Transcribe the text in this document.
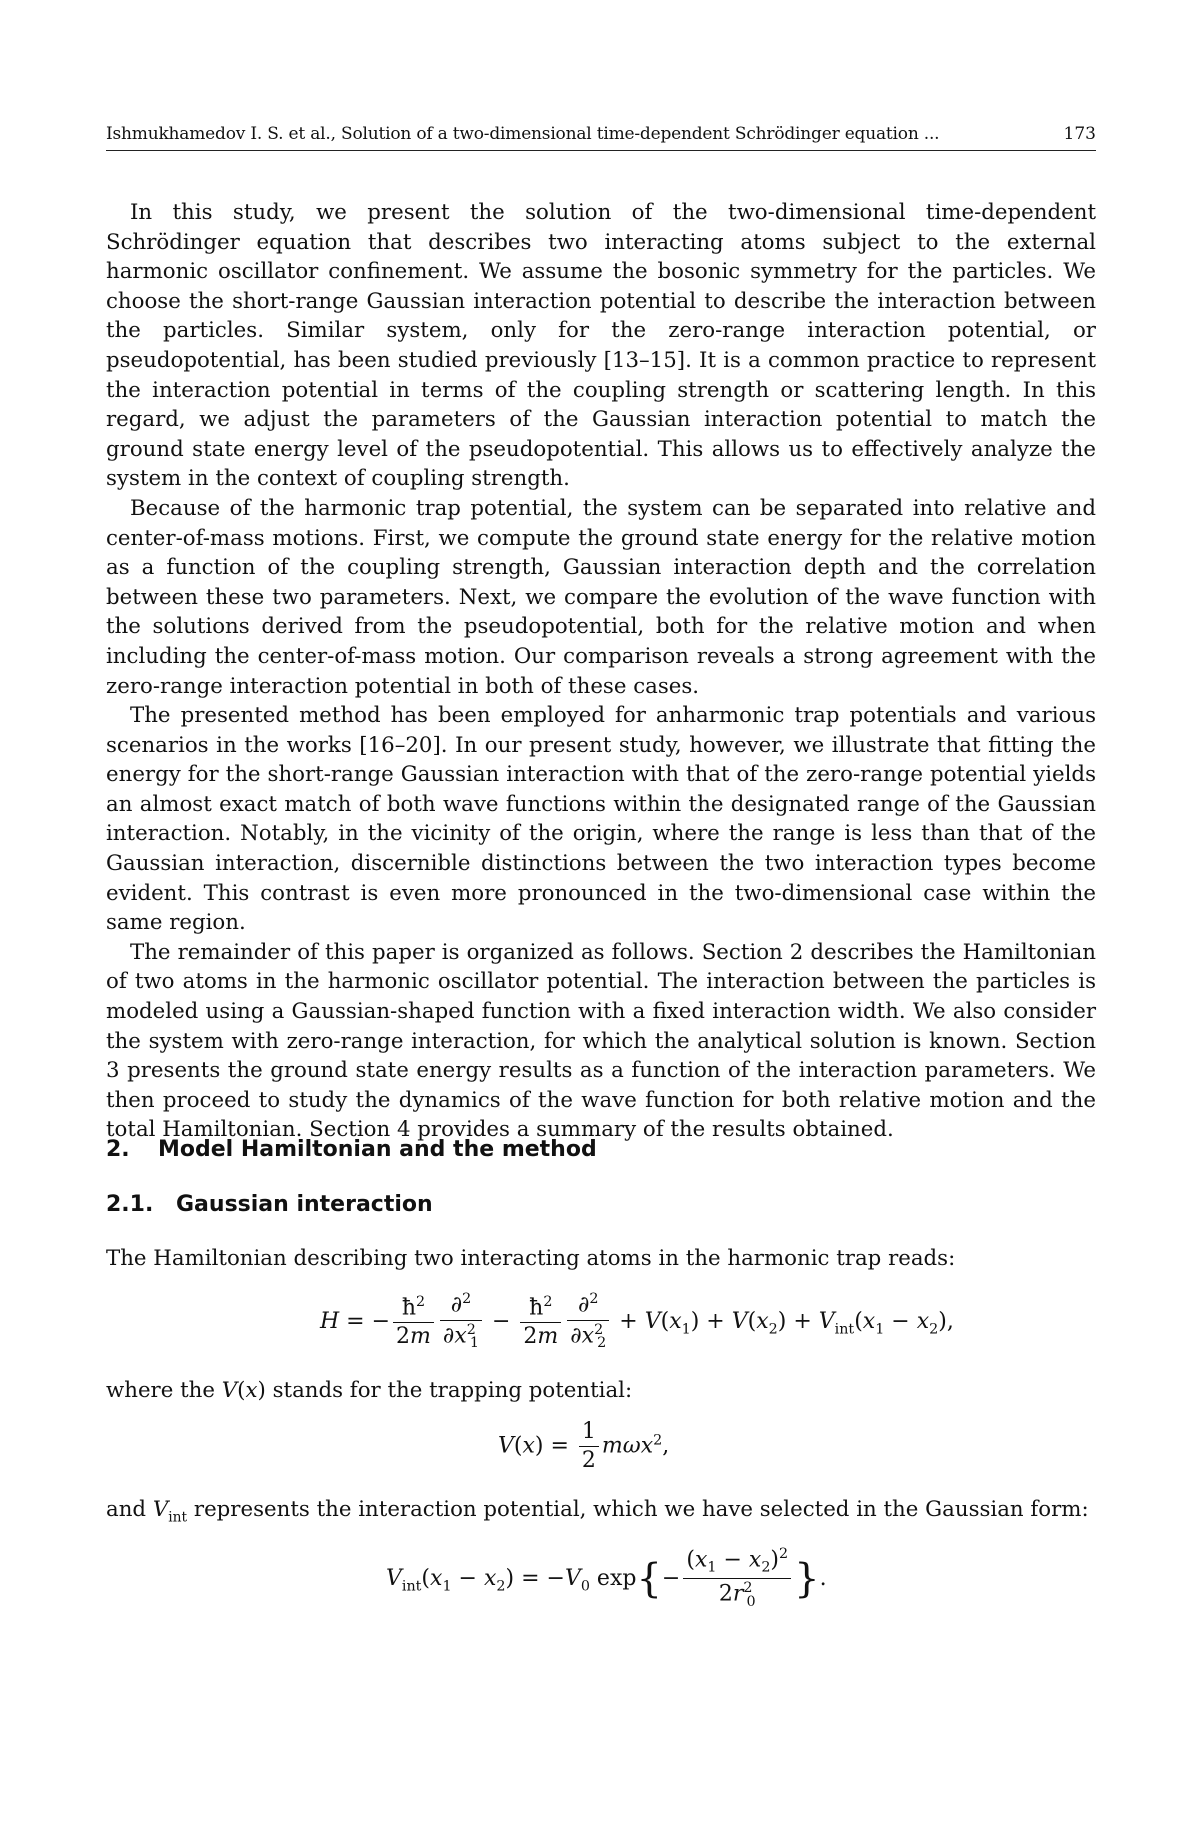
Ishmukhamedov I. S. et al., Solution of a two-dimensional time-dependent Schrödinger equation ...	173

In this study, we present the solution of the two-dimensional time-dependent Schrödinger equation that describes two interacting atoms subject to the external harmonic oscillator confinement. We assume the bosonic symmetry for the particles. We choose the short-range Gaussian interaction potential to describe the interaction between the particles. Similar system, only for the zero-range interaction potential, or pseudopotential, has been studied previously [13–15]. It is a common practice to represent the interaction potential in terms of the coupling strength or scattering length. In this regard, we adjust the parameters of the Gaussian interaction potential to match the ground state energy level of the pseudopotential. This allows us to effectively analyze the system in the context of coupling strength.

Because of the harmonic trap potential, the system can be separated into relative and center-of-mass motions. First, we compute the ground state energy for the relative motion as a function of the coupling strength, Gaussian interaction depth and the correlation between these two parameters. Next, we compare the evolution of the wave function with the solutions derived from the pseudopotential, both for the relative motion and when including the center-of-mass motion. Our comparison reveals a strong agreement with the zero-range interaction potential in both of these cases.

The presented method has been employed for anharmonic trap potentials and various scenarios in the works [16–20]. In our present study, however, we illustrate that fitting the energy for the short-range Gaussian interaction with that of the zero-range potential yields an almost exact match of both wave functions within the designated range of the Gaussian interaction. Notably, in the vicinity of the origin, where the range is less than that of the Gaussian interaction, discernible distinctions between the two interaction types become evident. This contrast is even more pronounced in the two-dimensional case within the same region.

The remainder of this paper is organized as follows. Section 2 describes the Hamiltonian of two atoms in the harmonic oscillator potential. The interaction between the particles is modeled using a Gaussian-shaped function with a fixed interaction width. We also consider the system with zero-range interaction, for which the analytical solution is known. Section 3 presents the ground state energy results as a function of the interaction parameters. We then proceed to study the dynamics of the wave function for both relative motion and the total Hamiltonian. Section 4 provides a summary of the results obtained.

2.	Model Hamiltonian and the method
2.1.	Gaussian interaction
The Hamiltonian describing two interacting atoms in the harmonic trap reads:
H = −
ħ2
2m
∂2
∂x21
−
ħ2
2m
∂2
∂x22
+ V(x1) + V(x2) + Vint(x1 − x2),
where the V(x) stands for the trapping potential:
V(x) =
1
2
mωx2,
and Vint represents the interaction potential, which we have selected in the Gaussian form:
Vint(x1 − x2) = −V0 exp{−
(x1 − x2)2
2r20
}.
